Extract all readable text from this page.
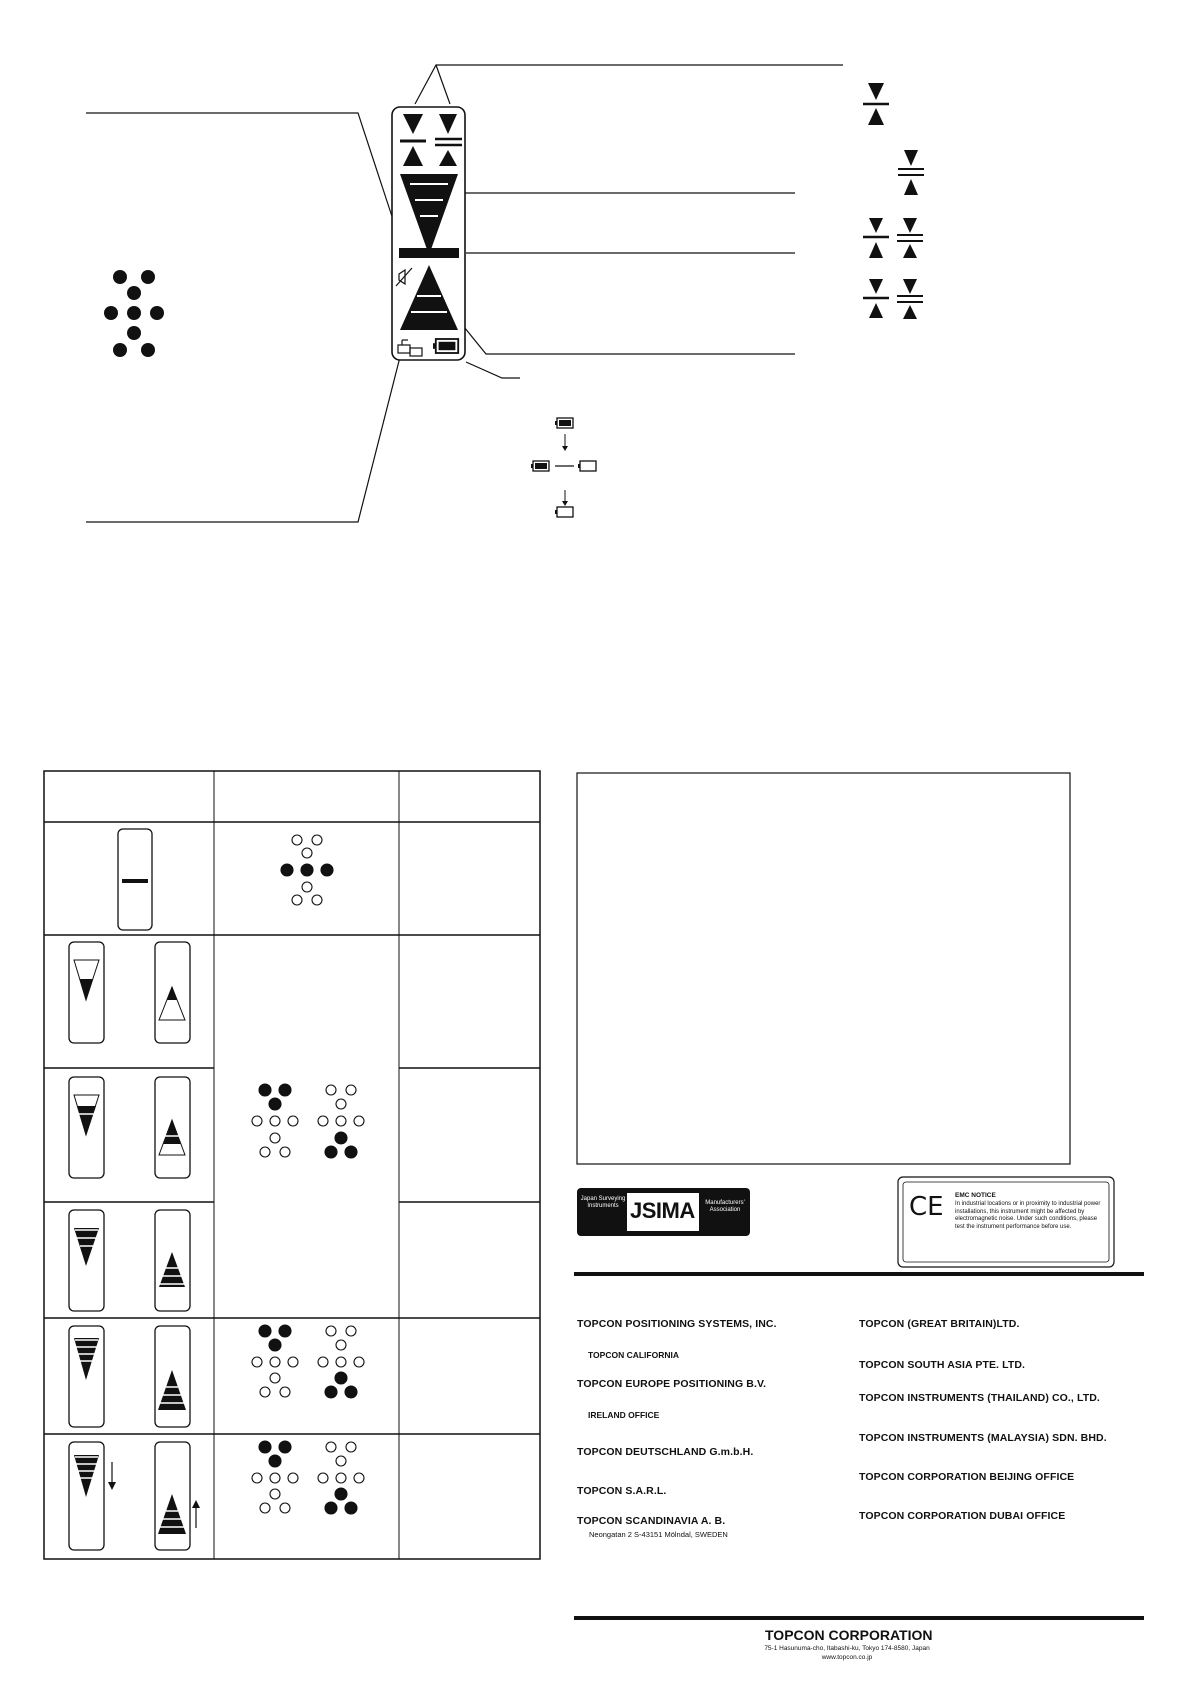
Japan Surveying Instruments JSIMA	Manufacturers' Association	CE EMC NOTICE
In industrial locations or in proximity to industrial power installations, this instrument might be affected by electromagnetic noise. Under such conditions, please test the instrument performance before use.
TOPCON POSITIONING SYSTEMS, INC.
TOPCON CALIFORNIA
TOPCON EUROPE POSITIONING B.V.
IRELAND OFFICE
TOPCON DEUTSCHLAND G.m.b.H.
TOPCON S.A.R.L.
TOPCON SCANDINAVIA A. B.
Neongatan 2 S-43151 Mölndal, SWEDEN
TOPCON (GREAT BRITAIN)LTD.
TOPCON SOUTH ASIA PTE. LTD.
TOPCON INSTRUMENTS (THAILAND) CO., LTD.
TOPCON INSTRUMENTS (MALAYSIA) SDN. BHD.
TOPCON CORPORATION BEIJING OFFICE
TOPCON CORPORATION DUBAI OFFICE
TOPCON CORPORATION
75-1 Hasunuma-cho, Itabashi-ku, Tokyo 174-8580, Japan
www.topcon.co.jp
